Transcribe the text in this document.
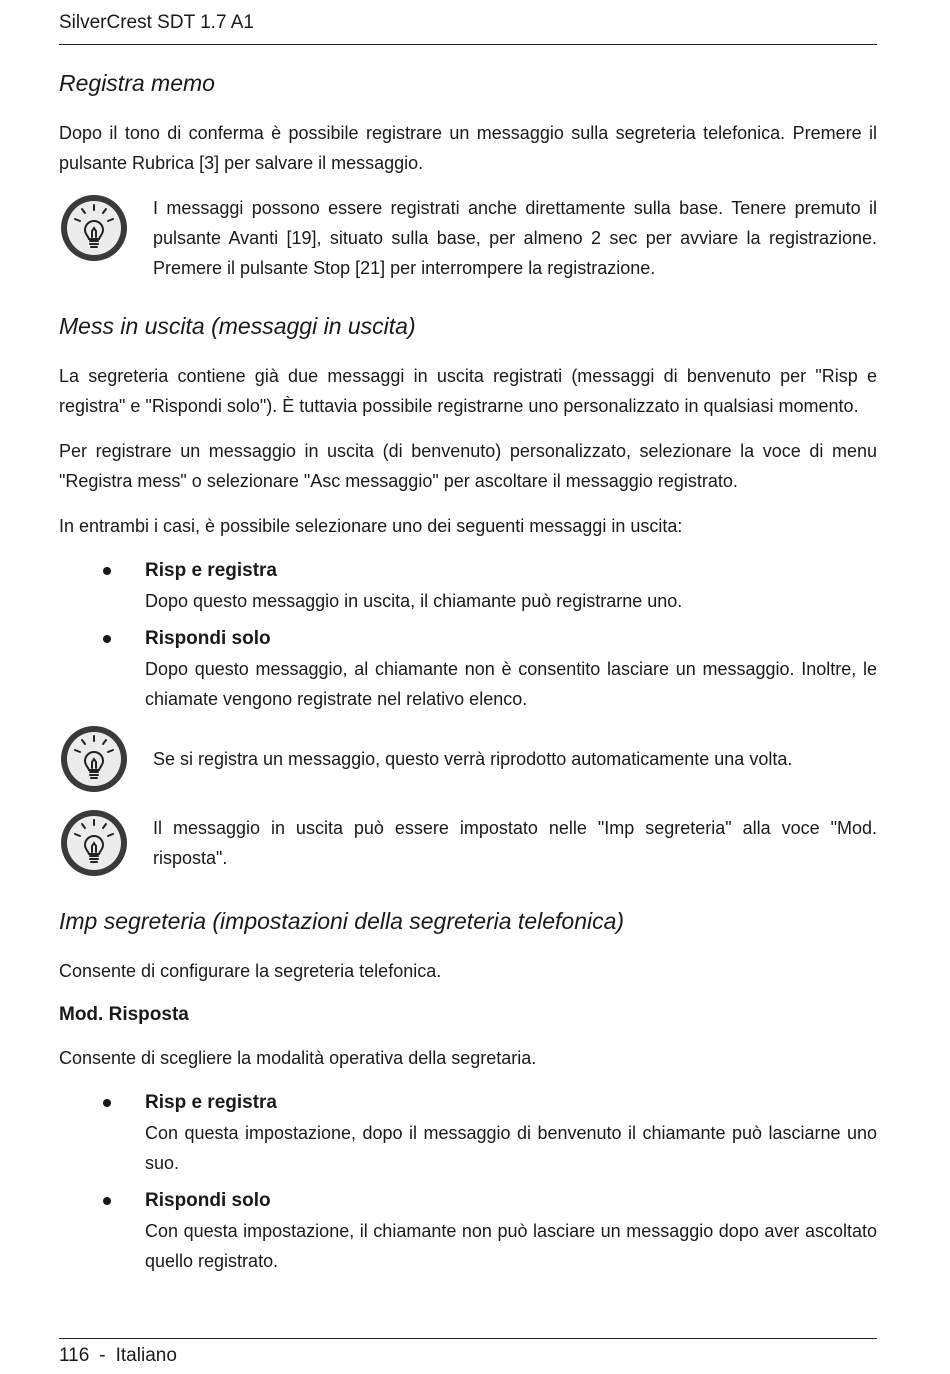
SilverCrest SDT 1.7 A1
Registra memo

Dopo il tono di conferma è possibile registrare un messaggio sulla segreteria telefonica. Premere il pulsante Rubrica [3] per salvare il messaggio.

I messaggi possono essere registrati anche direttamente sulla base. Tenere premuto il pulsante Avanti [19], situato sulla base, per almeno 2 sec per avviare la registrazione. Premere il pulsante Stop [21] per interrompere la registrazione.

Mess in uscita (messaggi in uscita)

La segreteria contiene già due messaggi in uscita registrati (messaggi di benvenuto per "Risp e registra" e "Rispondi solo"). È tuttavia possibile registrarne uno personalizzato in qualsiasi momento.

Per registrare un messaggio in uscita (di benvenuto) personalizzato, selezionare la voce di menu "Registra mess" o selezionare "Asc messaggio" per ascoltare il messaggio registrato.

In entrambi i casi, è possibile selezionare uno dei seguenti messaggi in uscita:

Risp e registra
Dopo questo messaggio in uscita, il chiamante può registrarne uno.
Rispondi solo
Dopo questo messaggio, al chiamante non è consentito lasciare un messaggio. Inoltre, le chiamate vengono registrate nel relativo elenco.

Se si registra un messaggio, questo verrà riprodotto automaticamente una volta.

Il messaggio in uscita può essere impostato nelle "Imp segreteria" alla voce "Mod. risposta".

Imp segreteria (impostazioni della segreteria telefonica)

Consente di configurare la segreteria telefonica.

Mod. Risposta

Consente di scegliere la modalità operativa della segretaria.

Risp e registra
Con questa impostazione, dopo il messaggio di benvenuto il chiamante può lasciarne uno suo.
Rispondi solo
Con questa impostazione, il chiamante non può lasciare un messaggio dopo aver ascoltato quello registrato.
116 - Italiano
